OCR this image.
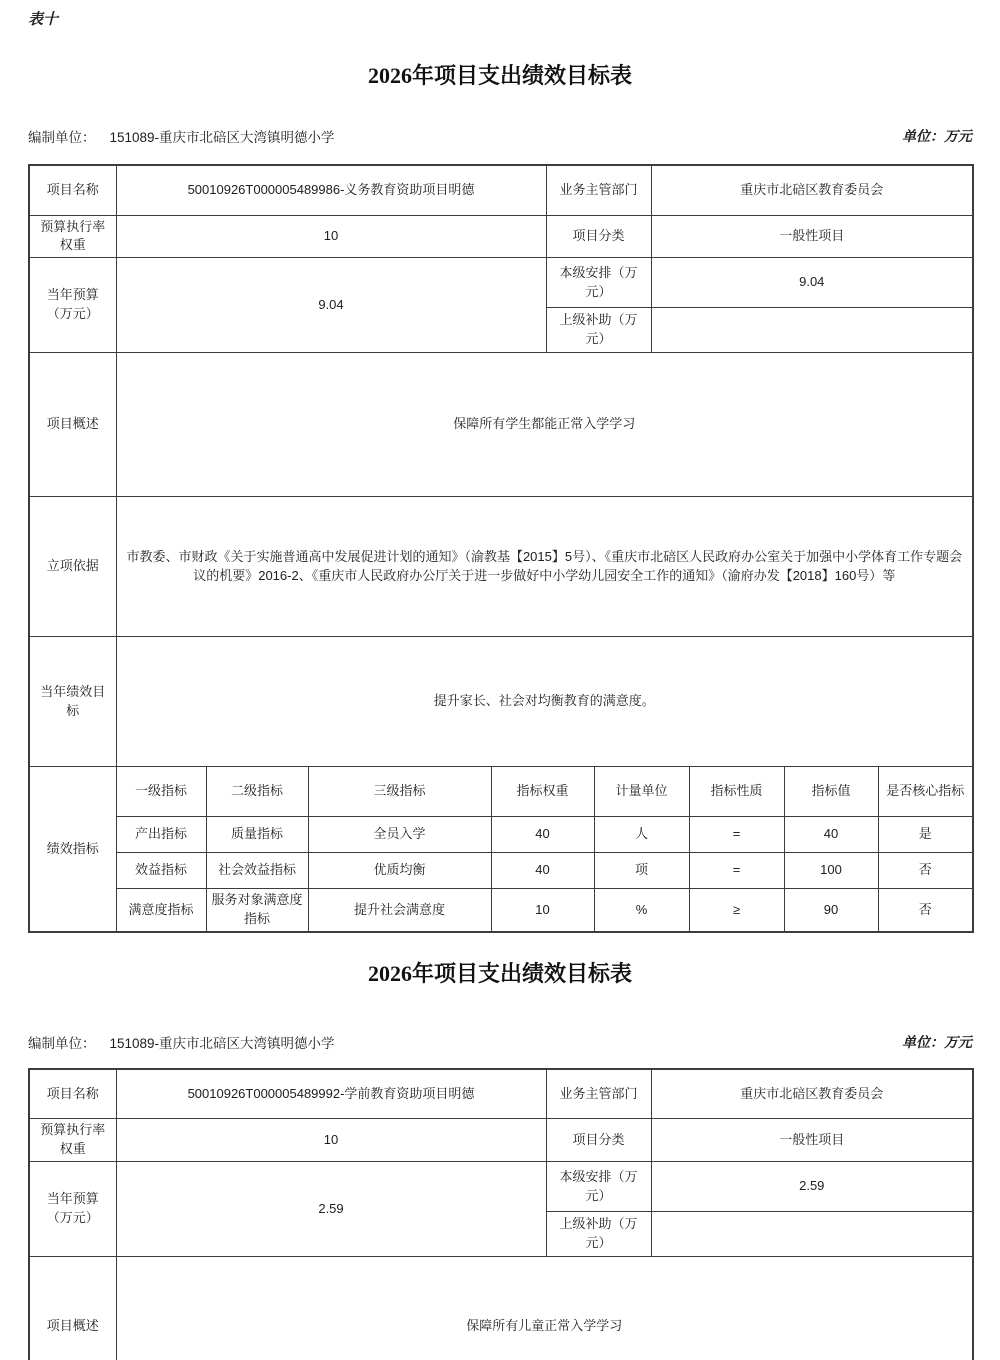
表十
2026年项目支出绩效目标表
编制单位： 151089-重庆市北碚区大湾镇明德小学	单位：万元
项目名称	50010926T000005489986-义务教育资助项目明德				业务主管部门		重庆市北碚区教育委员会			
预算执行率权重	10				项目分类		一般性项目			
当年预算（万元）	9.04				本级安排（万元）		9.04			
					上级补助（万元）					
项目概述	保障所有学生都能正常入学学习									
立项依据	市教委、市财政《关于实施普通高中发展促进计划的通知》（渝教基【2015】5号）、《重庆市北碚区人民政府办公室关于加强中小学体育工作专题会议的机要》2016-2、《重庆市人民政府办公厅关于进一步做好中小学幼儿园安全工作的通知》（渝府办发【2018】160号）等									
当年绩效目标	提升家长、社会对均衡教育的满意度。									
绩效指标	一级指标	二级指标	三级指标	指标权重		计量单位		指标性质	指标值	是否核心指标
	产出指标	质量指标	全员入学	40		人		=	40	是
	效益指标	社会效益指标	优质均衡	40		项		=	100	否
	满意度指标	服务对象满意度指标	提升社会满意度	10		%		≥	90	否
2026年项目支出绩效目标表
编制单位： 151089-重庆市北碚区大湾镇明德小学	单位：万元
项目名称	50010926T000005489992-学前教育资助项目明德	业务主管部门	重庆市北碚区教育委员会
预算执行率权重	10	项目分类	一般性项目
当年预算（万元）	2.59	本级安排（万元）	2.59
		上级补助（万元）	
项目概述	保障所有儿童正常入学学习		
